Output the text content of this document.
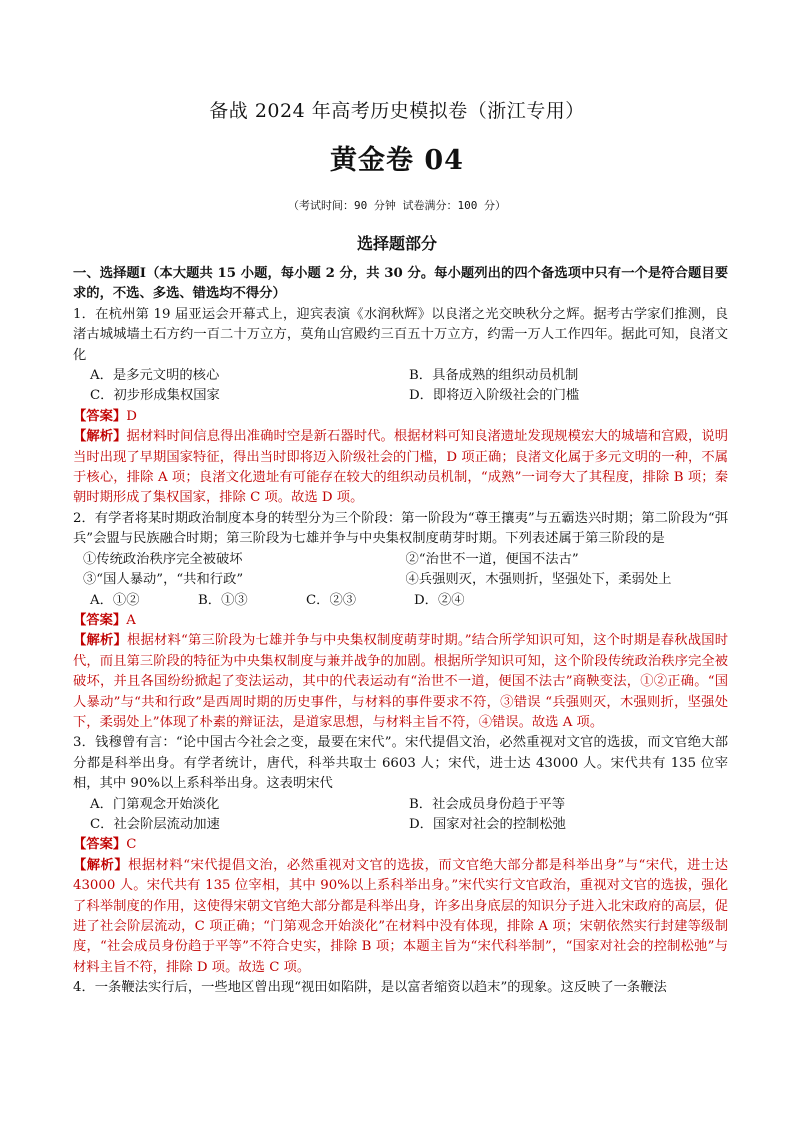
备战 2024 年高考历史模拟卷（浙江专用）
黄金卷 04
（考试时间：90 分钟 试卷满分：100 分）
选择题部分

一、选择题Ⅰ（本大题共 15 小题，每小题 2 分，共 30 分。每小题列出的四个备选项中只有一个是符合题目要求的，不选、多选、错选均不得分）

1．在杭州第 19 届亚运会开幕式上，迎宾表演《水润秋辉》以良渚之光交映秋分之辉。据考古学家们推测，良渚古城城墙土石方约一百二十万立方，莫角山宫殿约三百五十万立方，约需一万人工作四年。据此可知，良渚文化

A．是多元文明的核心	B．具备成熟的组织动员机制
C．初步形成集权国家	D．即将迈入阶级社会的门槛

【答案】D

【解析】据材料时间信息得出准确时空是新石器时代。根据材料可知良渚遗址发现规模宏大的城墙和宫殿，说明当时出现了早期国家特征，得出当时即将迈入阶级社会的门槛，D 项正确；良渚文化属于多元文明的一种，不属于核心，排除 A 项；良渚文化遗址有可能存在较大的组织动员机制，“成熟”一词夸大了其程度，排除 B 项；秦朝时期形成了集权国家，排除 C 项。故选 D 项。

2．有学者将某时期政治制度本身的转型分为三个阶段：第一阶段为“尊王攘夷”与五霸迭兴时期；第二阶段为“弭兵”会盟与民族融合时期；第三阶段为七雄并争与中央集权制度萌芽时期。下列表述属于第三阶段的是

①传统政治秩序完全被破坏	②“治世不一道，便国不法古”
③“国人暴动”，“共和行政”	④兵强则灭，木强则折，坚强处下，柔弱处上
A．①②	B．①③	C．②③	D．②④

【答案】A

【解析】根据材料“第三阶段为七雄并争与中央集权制度萌芽时期。”结合所学知识可知，这个时期是春秋战国时代，而且第三阶段的特征为中央集权制度与兼并战争的加剧。根据所学知识可知，这个阶段传统政治秩序完全被破坏，并且各国纷纷掀起了变法运动，其中的代表运动有“治世不一道，便国不法古”商鞅变法，①②正确。“国人暴动”与“共和行政”是西周时期的历史事件，与材料的事件要求不符，③错误 “兵强则灭，木强则折，坚强处下，柔弱处上”体现了朴素的辩证法，是道家思想，与材料主旨不符，④错误。故选 A 项。

3．钱穆曾有言：“论中国古今社会之变，最要在宋代”。宋代提倡文治，必然重视对文官的选拔，而文官绝大部分都是科举出身。有学者统计，唐代，科举共取士 6603 人；宋代，进士达 43000 人。宋代共有 135 位宰相，其中 90%以上系科举出身。这表明宋代

A．门第观念开始淡化	B．社会成员身份趋于平等
C．社会阶层流动加速	D．国家对社会的控制松弛

【答案】C

【解析】根据材料“宋代提倡文治，必然重视对文官的选拔，而文官绝大部分都是科举出身”与“宋代，进士达 43000 人。宋代共有 135 位宰相，其中 90%以上系科举出身。”宋代实行文官政治，重视对文官的选拔，强化了科举制度的作用，这使得宋朝文官绝大部分都是科举出身，许多出身底层的知识分子进入北宋政府的高层，促进了社会阶层流动，C 项正确；“门第观念开始淡化”在材料中没有体现，排除 A 项；宋朝依然实行封建等级制度，“社会成员身份趋于平等”不符合史实，排除 B 项；本题主旨为“宋代科举制”，“国家对社会的控制松弛”与材料主旨不符，排除 D 项。故选 C 项。

4．一条鞭法实行后，一些地区曾出现“视田如陷阱，是以富者缩资以趋末”的现象。这反映了一条鞭法
